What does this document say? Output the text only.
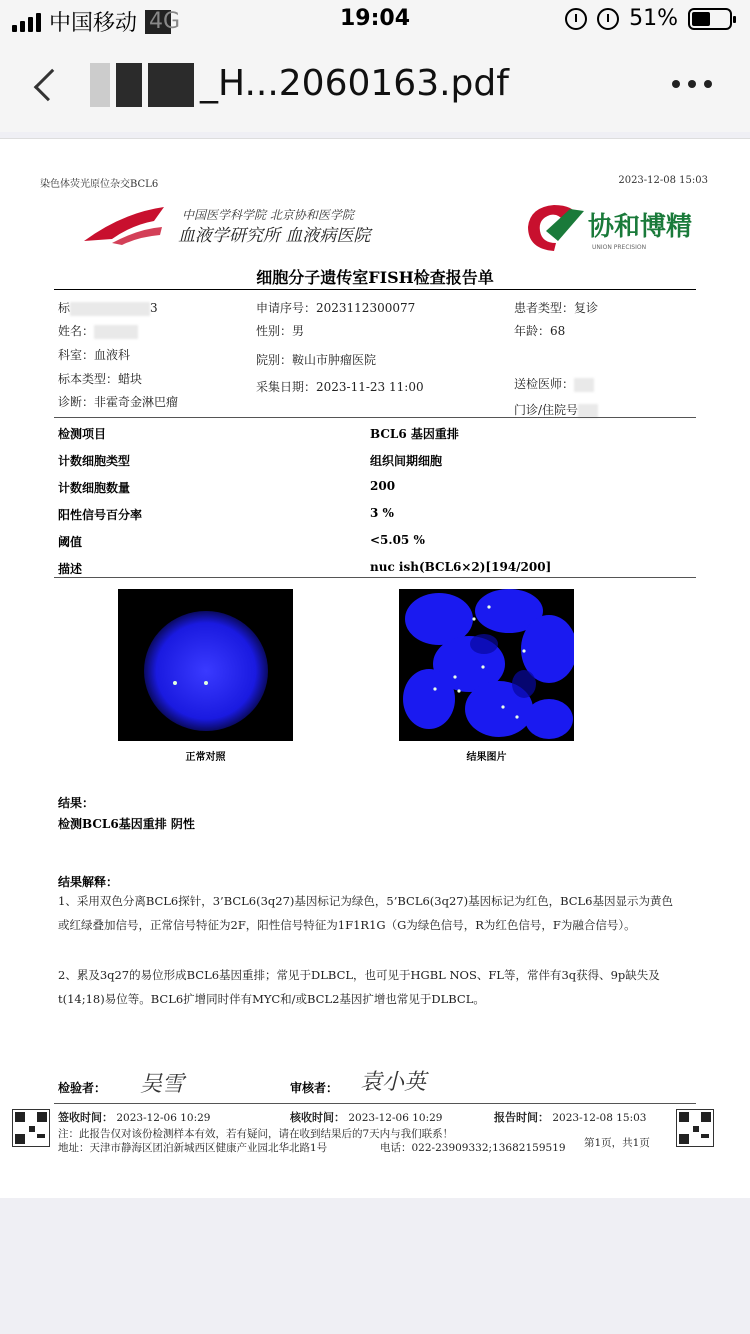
中国移动 4G	19:04	51%
_H...2060163.pdf
染色体荧光原位杂交BCL6	2023-12-08 15:03
中国医学科学院 北京协和医学院
血液学研究所 血液病医院	协和博精
UNION PRECISION
细胞分子遗传室FISH检查报告单
标	3	申请序号：2023112300077	患者类型：复诊
姓名：	性别：男	年龄：68
科室：血液科	院别：鞍山市肿瘤医院
标本类型：蜡块
采集日期：2023-11-23 11:00	送检医师：
诊断：非霍奇金淋巴瘤
门诊/住院号
正常对照	结果图片
结果：
检测BCL6基因重排 阴性
结果解释：
1、采用双色分离BCL6探针，3’BCL6(3q27)基因标记为绿色，5’BCL6(3q27)基因标记为红色，BCL6基因显示为黄色或红绿叠加信号，正常信号特征为2F，阳性信号特征为1F1R1G（G为绿色信号，R为红色信号，F为融合信号）。
2、累及3q27的易位形成BCL6基因重排；常见于DLBCL，也可见于HGBL NOS、FL等，常伴有3q获得、9p缺失及t(14;18)易位等。BCL6扩增同时伴有MYC和/或BCL2基因扩增也常见于DLBCL。
检验者： 吴雪	审核者： 袁小英
签收时间： 2023-12-06 10:29	核收时间： 2023-12-06 10:29	报告时间： 2023-12-08 15:03
注：此报告仅对该份检测样本有效，若有疑问，请在收到结果后的7天内与我们联系！
地址：天津市静海区团泊新城西区健康产业园北华北路1号	电话：022-23909332;13682159519 第1页，共1页
检测项目	BCL6 基因重排
计数细胞类型	组织间期细胞
计数细胞数量	200
阳性信号百分率	3 %
阈值	<5.05 %
描述	nuc ish(BCL6×2)[194/200]
